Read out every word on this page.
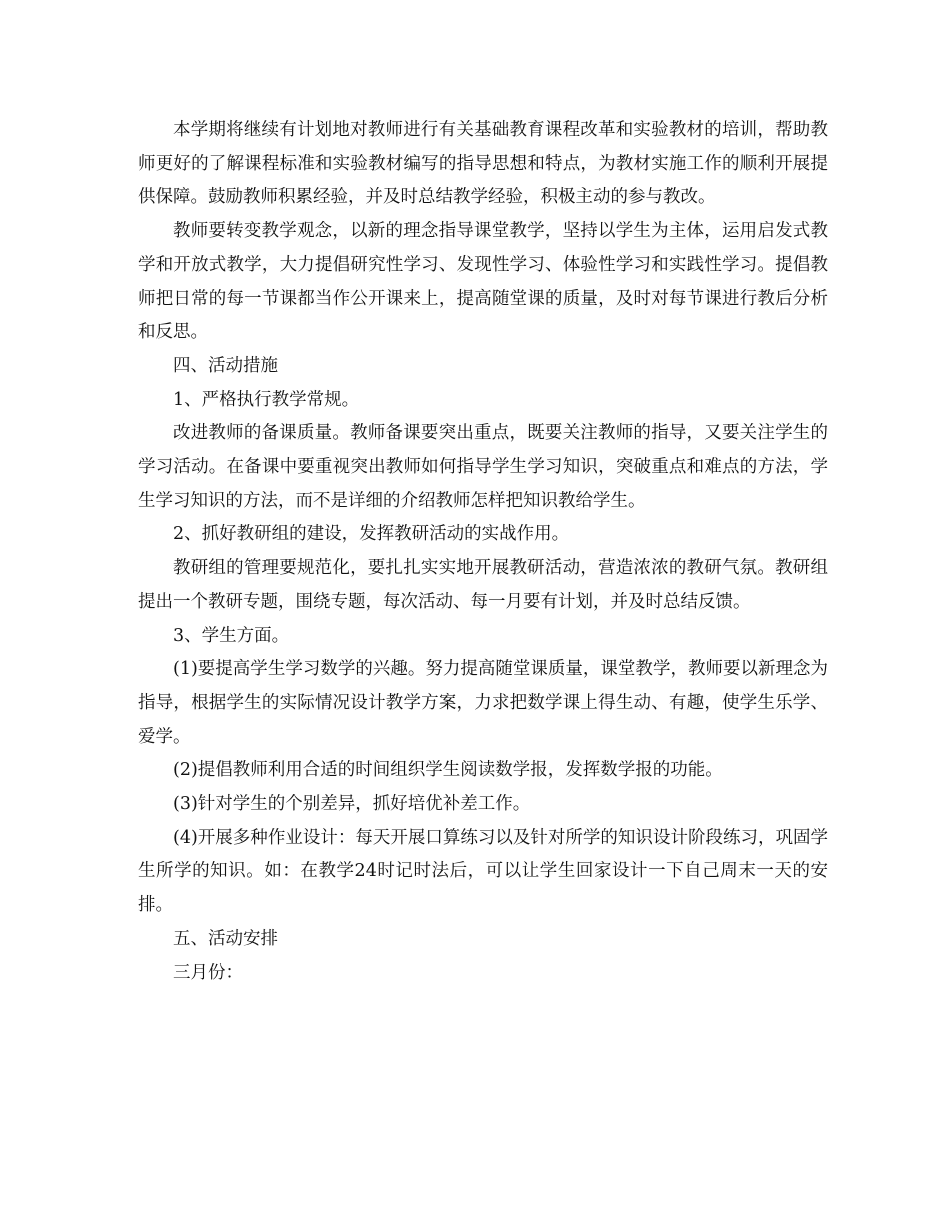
本学期将继续有计划地对教师进行有关基础教育课程改革和实验教材的培训，帮助教师更好的了解课程标准和实验教材编写的指导思想和特点，为教材实施工作的顺利开展提供保障。鼓励教师积累经验，并及时总结教学经验，积极主动的参与教改。

教师要转变教学观念，以新的理念指导课堂教学，坚持以学生为主体，运用启发式教学和开放式教学，大力提倡研究性学习、发现性学习、体验性学习和实践性学习。提倡教师把日常的每一节课都当作公开课来上，提高随堂课的质量，及时对每节课进行教后分析和反思。

四、活动措施

1、严格执行教学常规。

改进教师的备课质量。教师备课要突出重点，既要关注教师的指导，又要关注学生的学习活动。在备课中要重视突出教师如何指导学生学习知识，突破重点和难点的方法，学生学习知识的方法，而不是详细的介绍教师怎样把知识教给学生。

2、抓好教研组的建设，发挥教研活动的实战作用。

教研组的管理要规范化，要扎扎实实地开展教研活动，营造浓浓的教研气氛。教研组提出一个教研专题，围绕专题，每次活动、每一月要有计划，并及时总结反馈。

3、学生方面。

(1)要提高学生学习数学的兴趣。努力提高随堂课质量，课堂教学，教师要以新理念为指导，根据学生的实际情况设计教学方案，力求把数学课上得生动、有趣，使学生乐学、爱学。

(2)提倡教师利用合适的时间组织学生阅读数学报，发挥数学报的功能。

(3)针对学生的个别差异，抓好培优补差工作。

(4)开展多种作业设计：每天开展口算练习以及针对所学的知识设计阶段练习，巩固学生所学的知识。如：在教学24时记时法后，可以让学生回家设计一下自己周末一天的安排。

五、活动安排

三月份：
